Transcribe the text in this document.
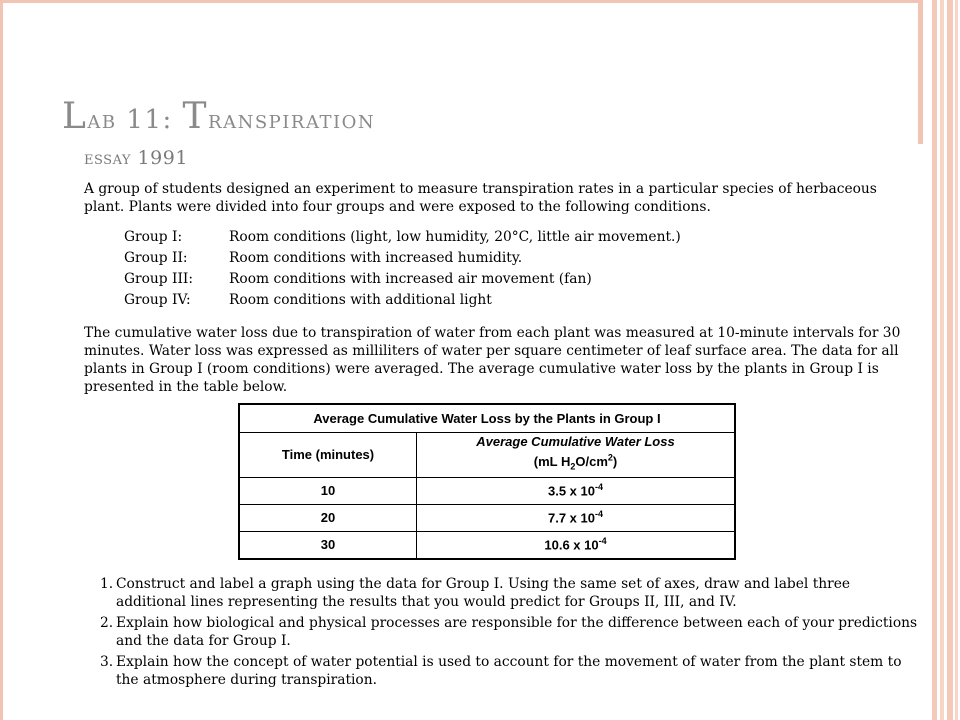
Lab 11: Transpiration
essay 1991

A group of students designed an experiment to measure transpiration rates in a particular species of herbaceous plant. Plants were divided into four groups and were exposed to the following conditions.

Group I:	Room conditions (light, low humidity, 20°C, little air movement.)
Group II:	Room conditions with increased humidity.
Group III:	Room conditions with increased air movement (fan)
Group IV:	Room conditions with additional light

The cumulative water loss due to transpiration of water from each plant was measured at 10-minute intervals for 30 minutes. Water loss was expressed as milliliters of water per square centimeter of leaf surface area. The data for all plants in Group I (room conditions) were averaged. The average cumulative water loss by the plants in Group I is presented in the table below.

Average Cumulative Water Loss by the Plants in Group I	
Time (minutes)	Average Cumulative Water Loss
(mL $H_2O/cm^2$)
10	3.5 x $10^{-4}$
20	7.7 x $10^{-4}$
30	10.6 x $10^{-4}$
1. Construct and label a graph using the data for Group I. Using the same set of axes, draw and label three additional lines representing the results that you would predict for Groups II, III, and IV.
2. Explain how biological and physical processes are responsible for the difference between each of your predictions and the data for Group I.
3. Explain how the concept of water potential is used to account for the movement of water from the plant stem to the atmosphere during transpiration.
